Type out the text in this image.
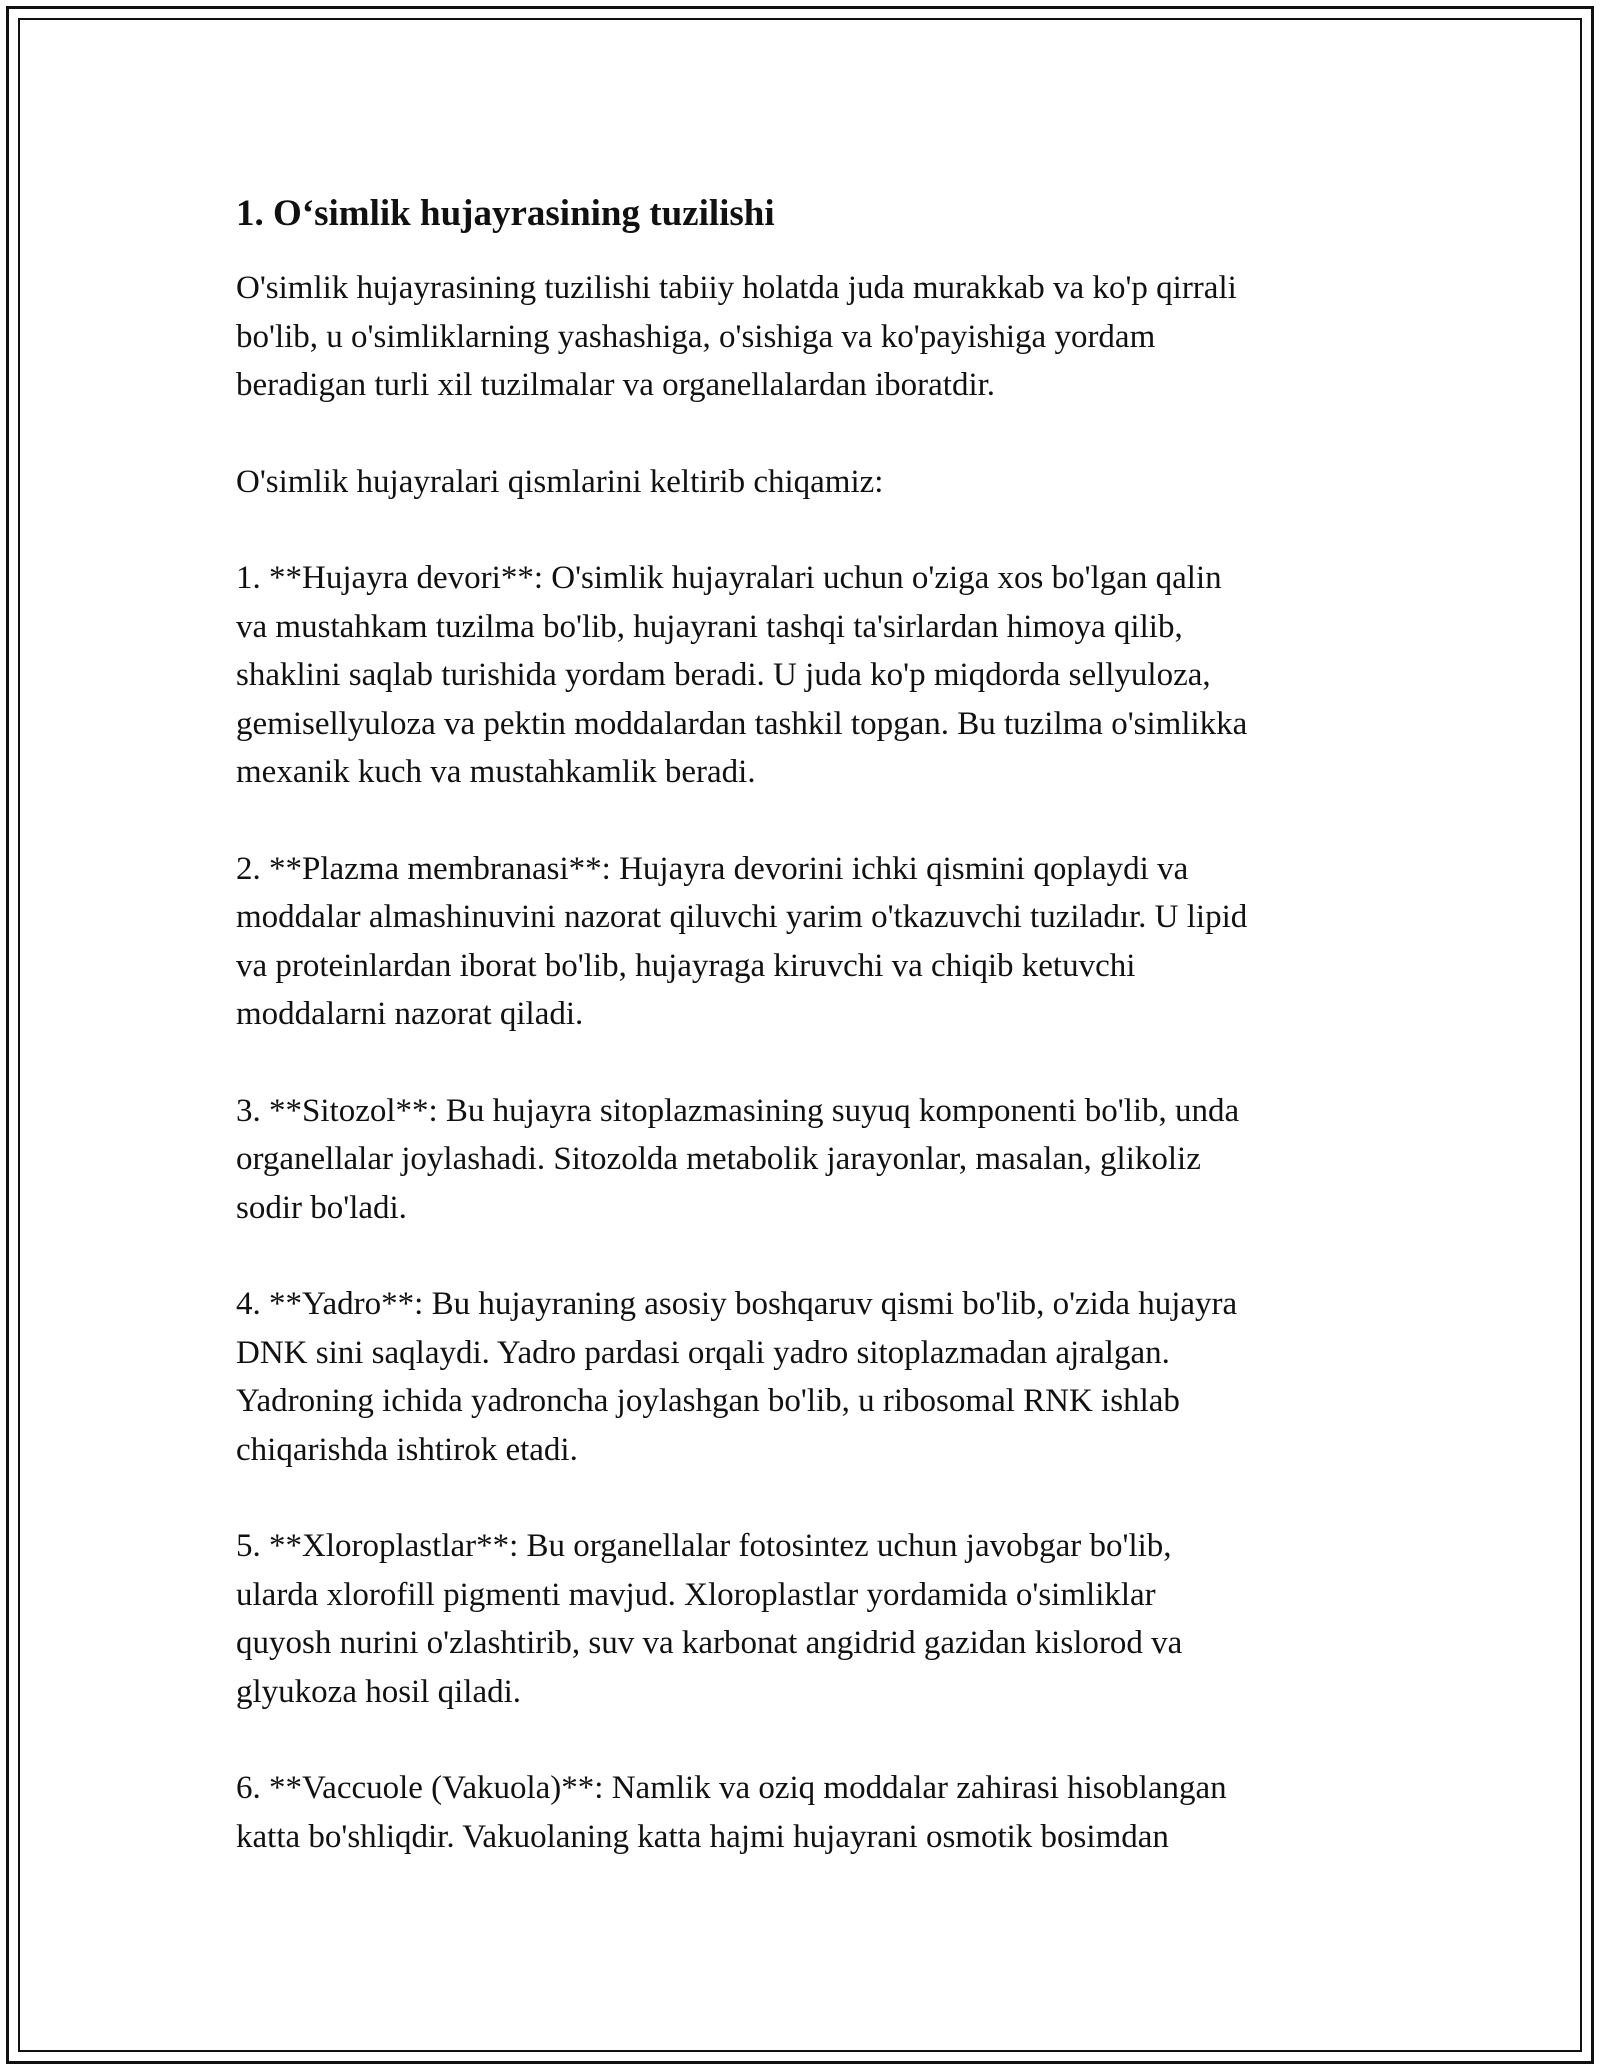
1. O‘simlik hujayrasining tuzilishi

O'simlik hujayrasining tuzilishi tabiiy holatda juda murakkab va ko'p qirrali
bo'lib, u o'simliklarning yashashiga, o'sishiga va ko'payishiga yordam
beradigan turli xil tuzilmalar va organellalardan iboratdir.

O'simlik hujayralari qismlarini keltirib chiqamiz:

1. **Hujayra devori**: O'simlik hujayralari uchun o'ziga xos bo'lgan qalin
va mustahkam tuzilma bo'lib, hujayrani tashqi ta'sirlardan himoya qilib,
shaklini saqlab turishida yordam beradi. U juda ko'p miqdorda sellyuloza,
gemisellyuloza va pektin moddalardan tashkil topgan. Bu tuzilma o'simlikka
mexanik kuch va mustahkamlik beradi.

2. **Plazma membranasi**: Hujayra devorini ichki qismini qoplaydi va
moddalar almashinuvini nazorat qiluvchi yarim o'tkazuvchi tuziladır. U lipid
va proteinlardan iborat bo'lib, hujayraga kiruvchi va chiqib ketuvchi
moddalarni nazorat qiladi.

3. **Sitozol**: Bu hujayra sitoplazmasining suyuq komponenti bo'lib, unda
organellalar joylashadi. Sitozolda metabolik jarayonlar, masalan, glikoliz
sodir bo'ladi.

4. **Yadro**: Bu hujayraning asosiy boshqaruv qismi bo'lib, o'zida hujayra
DNK sini saqlaydi. Yadro pardasi orqali yadro sitoplazmadan ajralgan.
Yadroning ichida yadroncha joylashgan bo'lib, u ribosomal RNK ishlab
chiqarishda ishtirok etadi.

5. **Xloroplastlar**: Bu organellalar fotosintez uchun javobgar bo'lib,
ularda xlorofill pigmenti mavjud. Xloroplastlar yordamida o'simliklar
quyosh nurini o'zlashtirib, suv va karbonat angidrid gazidan kislorod va
glyukoza hosil qiladi.

6. **Vaccuole (Vakuola)**: Namlik va oziq moddalar zahirasi hisoblangan
katta bo'shliqdir. Vakuolaning katta hajmi hujayrani osmotik bosimdan
